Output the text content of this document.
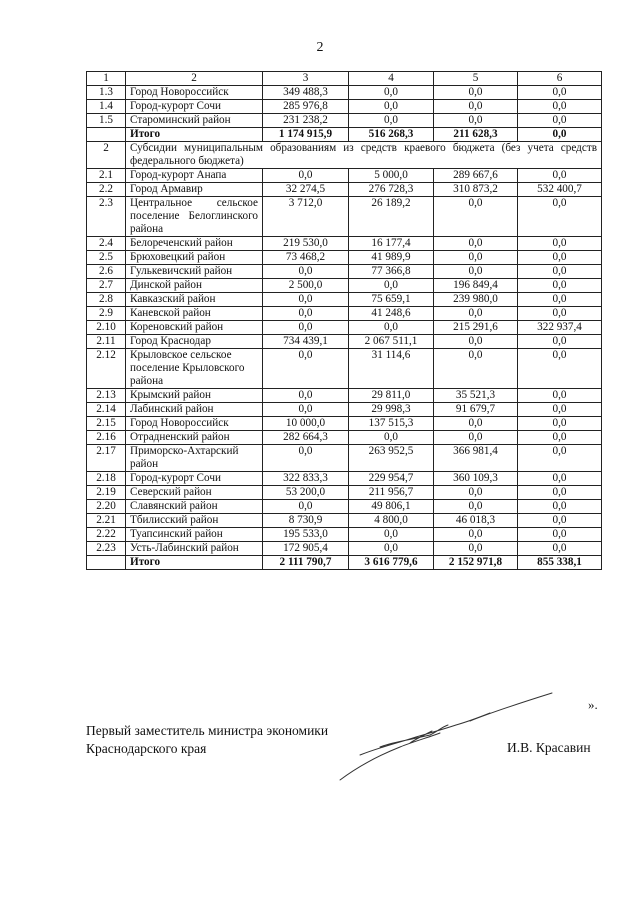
2
1	2	3	4	5	6
1.3	Город Новороссийск	349 488,3	0,0	0,0	0,0
1.4	Город-курорт Сочи	285 976,8	0,0	0,0	0,0
1.5	Староминский район	231 238,2	0,0	0,0	0,0
	Итого	1 174 915,9	516 268,3	211 628,3	0,0
2	Субсидии муниципальным образованиям из средств краевого бюджета (без учета средств федерального бюджета)				
2.1	Город-курорт Анапа	0,0	5 000,0	289 667,6	0,0
2.2	Город Армавир	32 274,5	276 728,3	310 873,2	532 400,7
2.3	Центральное сельское поселение Белоглинского района	3 712,0	26 189,2	0,0	0,0
2.4	Белореченский район	219 530,0	16 177,4	0,0	0,0
2.5	Брюховецкий район	73 468,2	41 989,9	0,0	0,0
2.6	Гулькевичский район	0,0	77 366,8	0,0	0,0
2.7	Динской район	2 500,0	0,0	196 849,4	0,0
2.8	Кавказский район	0,0	75 659,1	239 980,0	0,0
2.9	Каневской район	0,0	41 248,6	0,0	0,0
2.10	Кореновский район	0,0	0,0	215 291,6	322 937,4
2.11	Город Краснодар	734 439,1	2 067 511,1	0,0	0,0
2.12	Крыловское сельское поселение Крыловского района	0,0	31 114,6	0,0	0,0
2.13	Крымский район	0,0	29 811,0	35 521,3	0,0
2.14	Лабинский район	0,0	29 998,3	91 679,7	0,0
2.15	Город Новороссийск	10 000,0	137 515,3	0,0	0,0
2.16	Отрадненский район	282 664,3	0,0	0,0	0,0
2.17	Приморско-Ахтарский район	0,0	263 952,5	366 981,4	0,0
2.18	Город-курорт Сочи	322 833,3	229 954,7	360 109,3	0,0
2.19	Северский район	53 200,0	211 956,7	0,0	0,0
2.20	Славянский район	0,0	49 806,1	0,0	0,0
2.21	Тбилисский район	8 730,9	4 800,0	46 018,3	0,0
2.22	Туапсинский район	195 533,0	0,0	0,0	0,0
2.23	Усть-Лабинский район	172 905,4	0,0	0,0	0,0
	Итого	2 111 790,7	3 616 779,6	2 152 971,8	855 338,1
».
Первый заместитель министра экономики
Краснодарского края	И.В. Красавин
